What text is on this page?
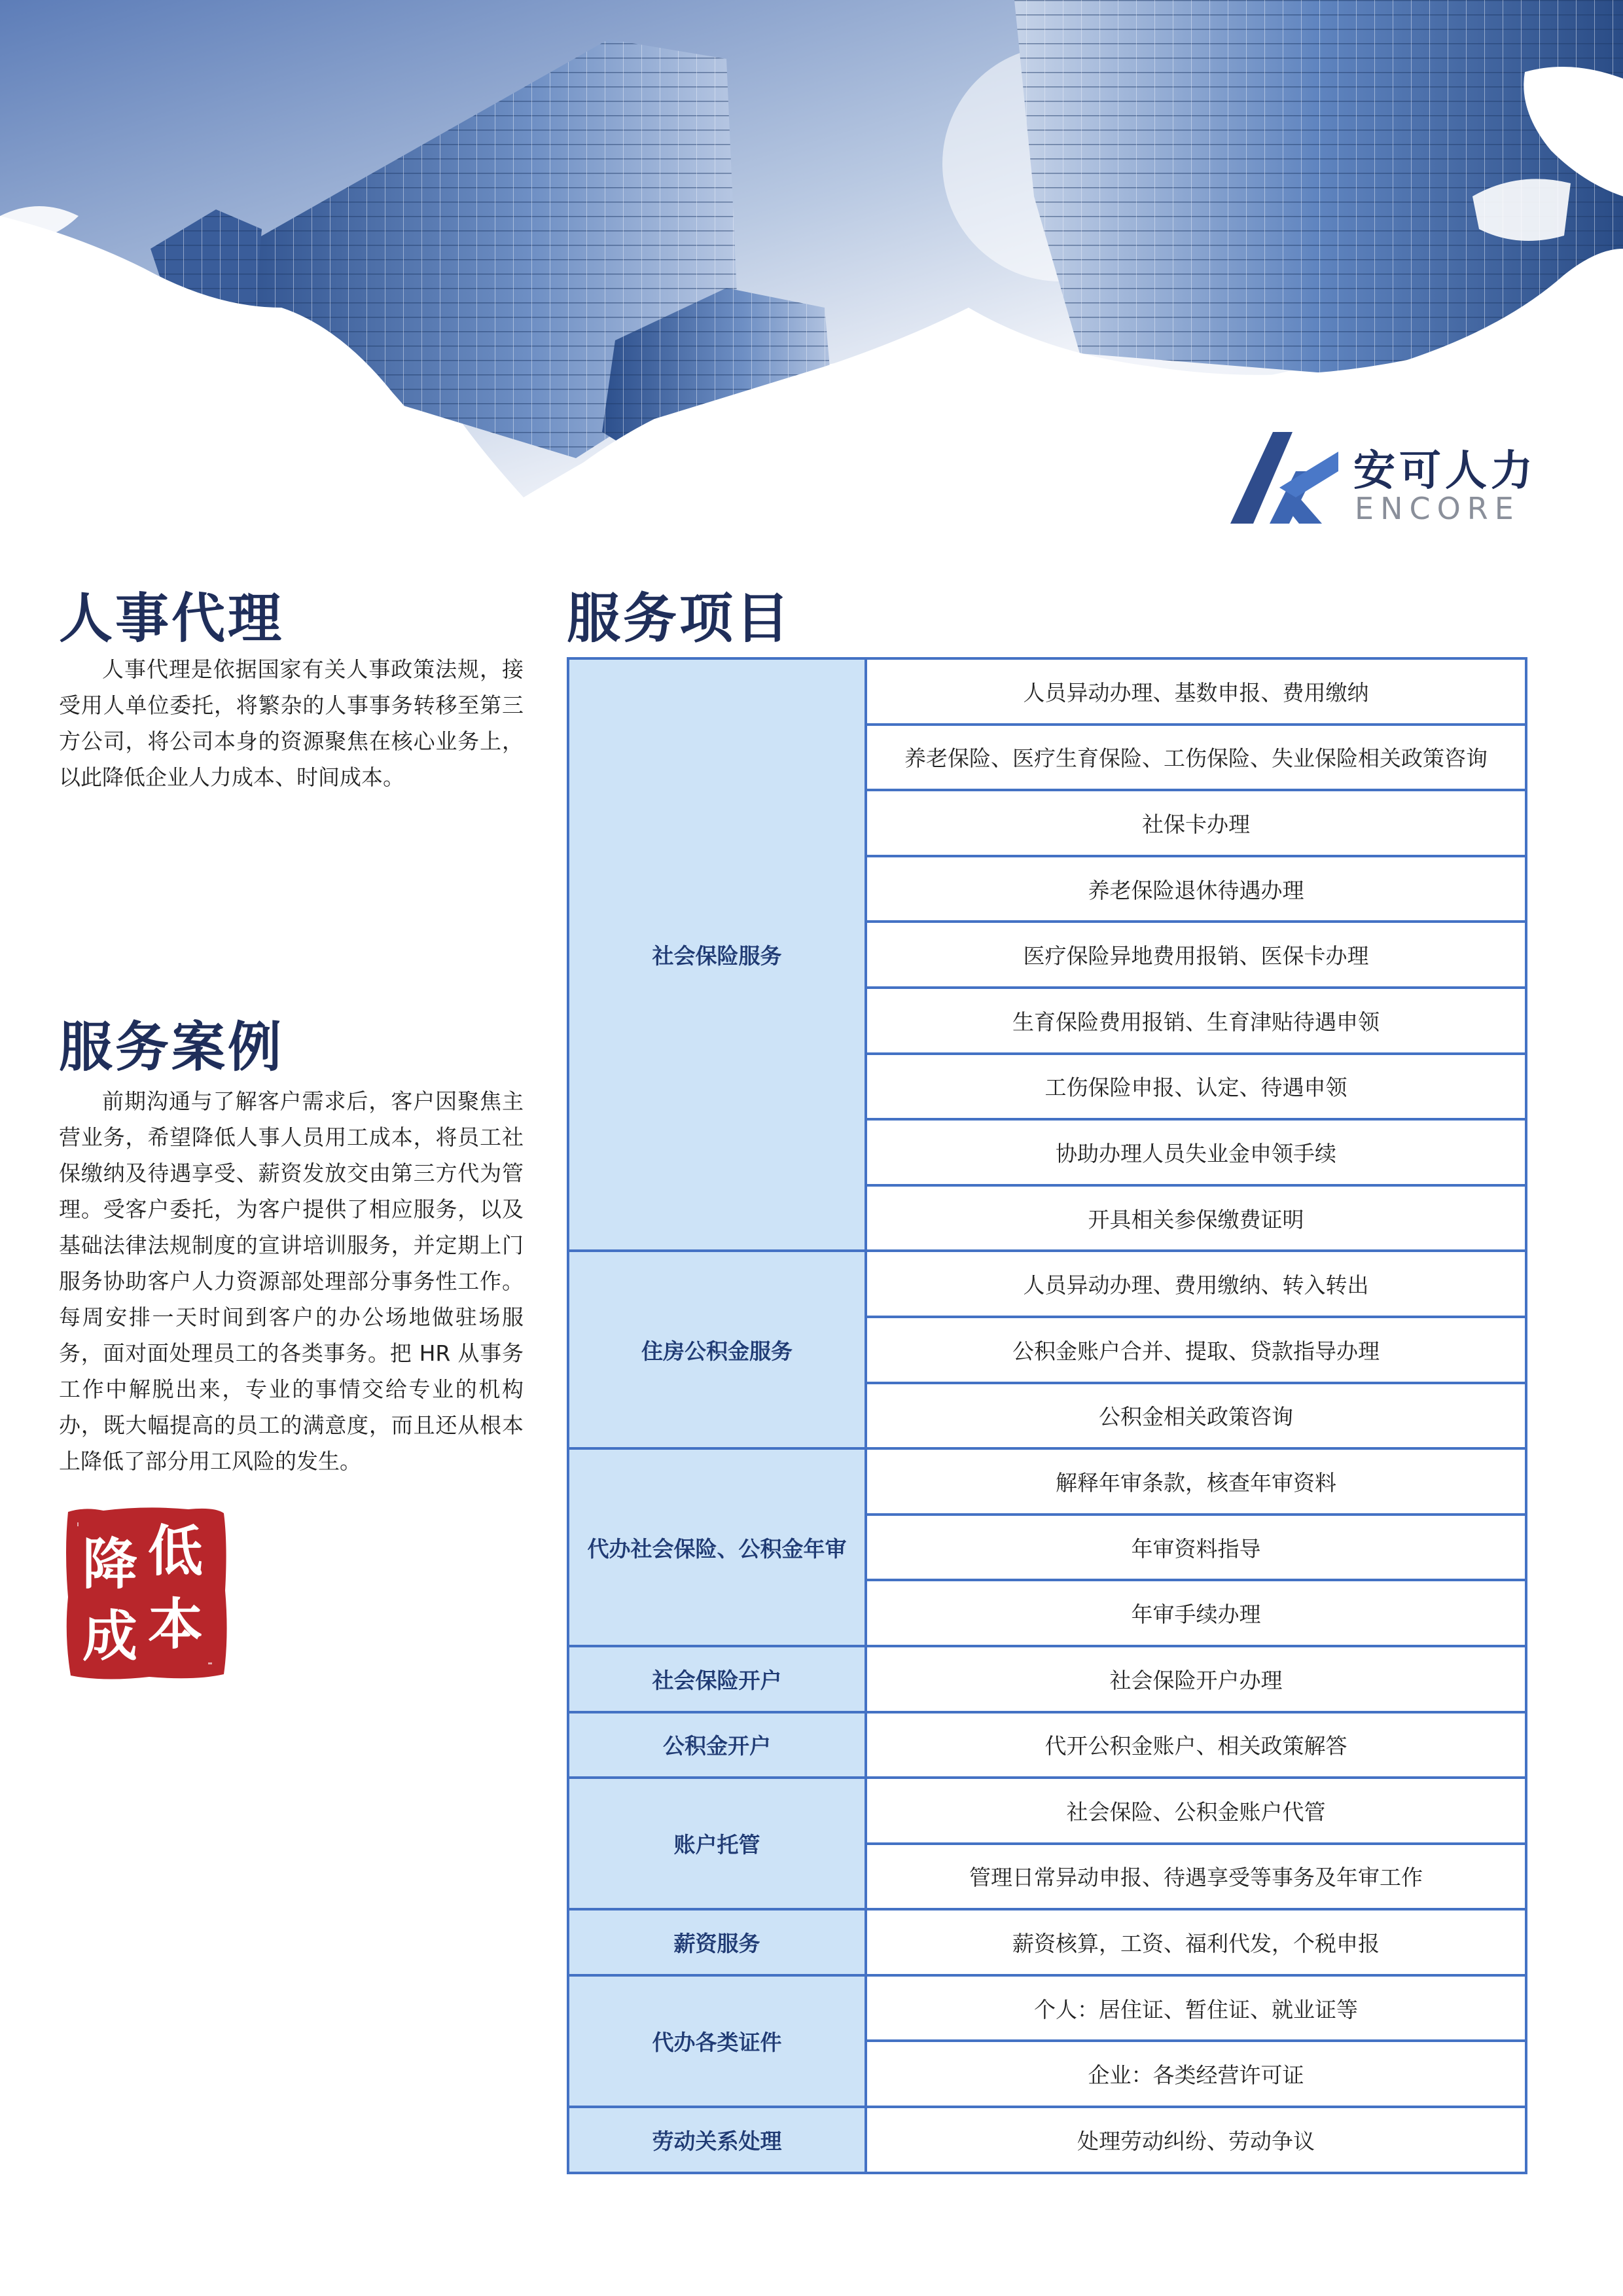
安可人力
ENCORE
人事代理

人事代理是依据国家有关人事政策法规，接受用人单位委托，将繁杂的人事事务转移至第三方公司，将公司本身的资源聚焦在核心业务上，以此降低企业人力成本、时间成本。

服务案例

前期沟通与了解客户需求后，客户因聚焦主营业务，希望降低人事人员用工成本，将员工社保缴纳及待遇享受、薪资发放交由第三方代为管理。受客户委托，为客户提供了相应服务，以及基础法律法规制度的宣讲培训服务，并定期上门服务协助客户人力资源部处理部分事务性工作。每周安排一天时间到客户的办公场地做驻场服务，面对面处理员工的各类事务。把 HR 从事务工作中解脱出来，专业的事情交给专业的机构办，既大幅提高的员工的满意度，而且还从根本上降低了部分用工风险的发生。

低
降
本
成
服务项目
社会保险服务	人员异动办理、基数申报、费用缴纳
	养老保险、医疗生育保险、工伤保险、失业保险相关政策咨询
	社保卡办理
	养老保险退休待遇办理
	医疗保险异地费用报销、医保卡办理
	生育保险费用报销、生育津贴待遇申领
	工伤保险申报、认定、待遇申领
	协助办理人员失业金申领手续
	开具相关参保缴费证明
住房公积金服务	人员异动办理、费用缴纳、转入转出
	公积金账户合并、提取、贷款指导办理
	公积金相关政策咨询
代办社会保险、公积金年审	解释年审条款，核查年审资料
	年审资料指导
	年审手续办理
社会保险开户	社会保险开户办理
公积金开户	代开公积金账户、相关政策解答
账户托管	社会保险、公积金账户代管
	管理日常异动申报、待遇享受等事务及年审工作
薪资服务	薪资核算，工资、福利代发，个税申报
代办各类证件	个人：居住证、暂住证、就业证等
	企业：各类经营许可证
劳动关系处理	处理劳动纠纷、劳动争议
